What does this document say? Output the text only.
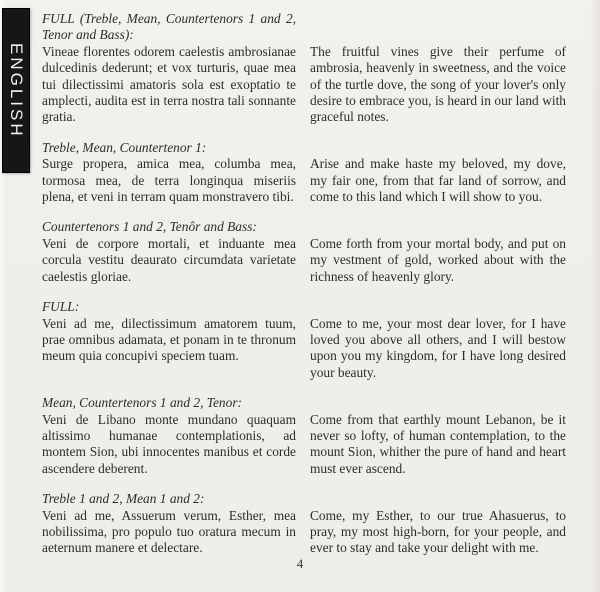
ENGLISH

FULL (Treble, Mean, Countertenors 1 and 2, Tenor and Bass):

Vineae florentes odorem caelestis ambrosianae dulcedinis dederunt; et vox turturis, quae mea tui dilectissimi amatoris sola est exoptatio te amplecti, audita est in terra nostra tali sonnante gratia.

The fruitful vines give their perfume of ambrosia, heavenly in sweetness, and the voice of the turtle dove, the song of your lover's only desire to embrace you, is heard in our land with graceful notes.

Treble, Mean, Countertenor 1:

Surge propera, amica mea, columba mea, tormosa mea, de terra longinqua miseriis plena, et veni in terram quam monstravero tibi.

Arise and make haste my beloved, my dove, my fair one, from that far land of sorrow, and come to this land which I will show to you.

Countertenors 1 and 2, Tenôr and Bass:

Veni de corpore mortali, et induante mea corcula vestitu deaurato circumdata varietate caelestis gloriae.

Come forth from your mortal body, and put on my vestment of gold, worked about with the richness of heavenly glory.

FULL:

Veni ad me, dilectissimum amatorem tuum, prae omnibus adamata, et ponam in te thronum meum quia concupivi speciem tuam.

Come to me, your most dear lover, for I have loved you above all others, and I will bestow upon you my kingdom, for I have long desired your beauty.

Mean, Countertenors 1 and 2, Tenor:

Veni de Libano monte mundano quaquam altissimo humanae contemplationis, ad montem Sion, ubi innocentes manibus et corde ascendere deberent.

Come from that earthly mount Lebanon, be it never so lofty, of human contemplation, to the mount Sion, whither the pure of hand and heart must ever ascend.

Treble 1 and 2, Mean 1 and 2:

Veni ad me, Assuerum verum, Esther, mea nobilissima, pro populo tuo oratura mecum in aeternum manere et delectare.

Come, my Esther, to our true Ahasuerus, to pray, my most high-born, for your people, and ever to stay and take your delight with me.

4
